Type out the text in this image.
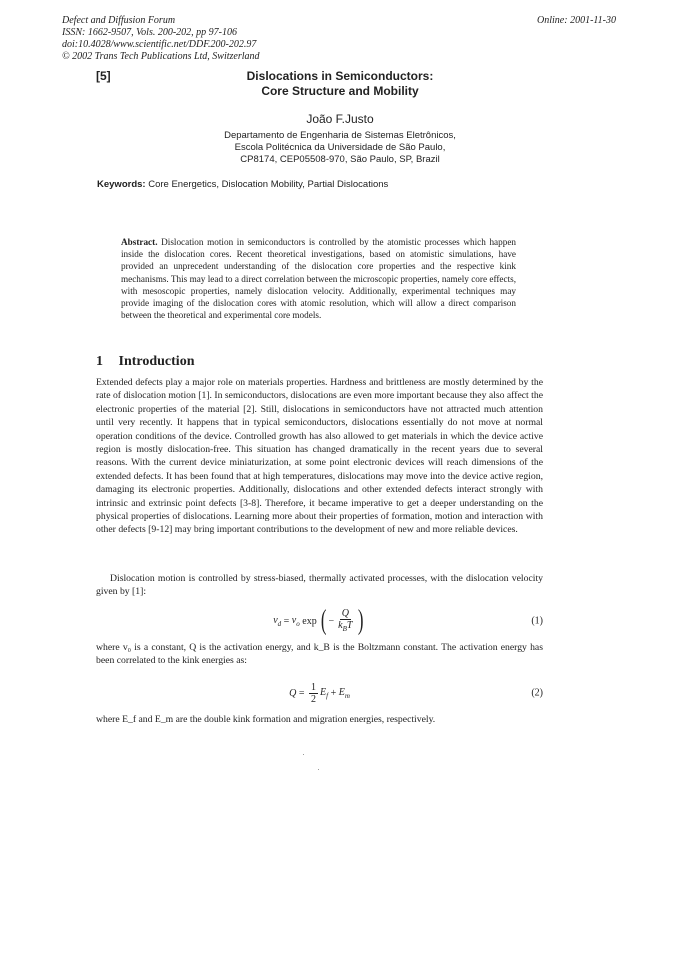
Defect and Diffusion Forum
ISSN: 1662-9507, Vols. 200-202, pp 97-106
doi:10.4028/www.scientific.net/DDF.200-202.97
© 2002 Trans Tech Publications Ltd, Switzerland
Online: 2001-11-30
[5]	Dislocations in Semiconductors:
Core Structure and Mobility
João F.Justo
Departamento de Engenharia de Sistemas Eletrônicos,
Escola Politécnica da Universidade de São Paulo,
CP8174, CEP05508-970, São Paulo, SP, Brazil
Keywords: Core Energetics, Dislocation Mobility, Partial Dislocations
Abstract. Dislocation motion in semiconductors is controlled by the atomistic processes which happen inside the dislocation cores. Recent theoretical investigations, based on atomistic simulations, have provided an unprecedent understanding of the dislocation core properties and the respective kink mechanisms. This may lead to a direct correlation between the microscopic properties, namely core effects, with mesoscopic properties, namely dislocation velocity. Additionally, experimental techniques may provide imaging of the dislocation cores with atomic resolution, which will allow a direct comparison between the theoretical and experimental core models.
1 Introduction
Extended defects play a major role on materials properties. Hardness and brittleness are mostly determined by the rate of dislocation motion [1]. In semiconductors, dislocations are even more important because they also affect the electronic properties of the material [2]. Still, dislocations in semiconductors have not attracted much attention until very recently. It happens that in typical semiconductors, dislocations essentially do not move at normal operation conditions of the device. Controlled growth has also allowed to get materials in which the device active region is mostly dislocation-free. This situation has changed dramatically in the recent years due to several reasons. With the current device miniaturization, at some point electronic devices will reach dimensions of the extended defects. It has been found that at high temperatures, dislocations may move into the device active region, damaging its electronic properties. Additionally, dislocations and other extended defects interact strongly with intrinsic and extrinsic point defects [3-8]. Therefore, it became imperative to get a deeper understanding on the physical properties of dislocations. Learning more about their properties of formation, motion and interaction with other defects [9-12] may bring important contributions to the development of new and more reliable devices.
Dislocation motion is controlled by stress-biased, thermally activated processes, with the dislocation velocity given by [1]:
$v_d$
=
$v_o$
exp
( − $\frac{Q}{k_BT}$ )	(1)
where v₀ is a constant, Q is the activation energy, and k_B is the Boltzmann constant. The activation energy has been correlated to the kink energies as:
Q
=
$\frac{1}{2} E_f$
+
$E_m$	(2)
where E_f and E_m are the double kink formation and migration energies, respectively.
